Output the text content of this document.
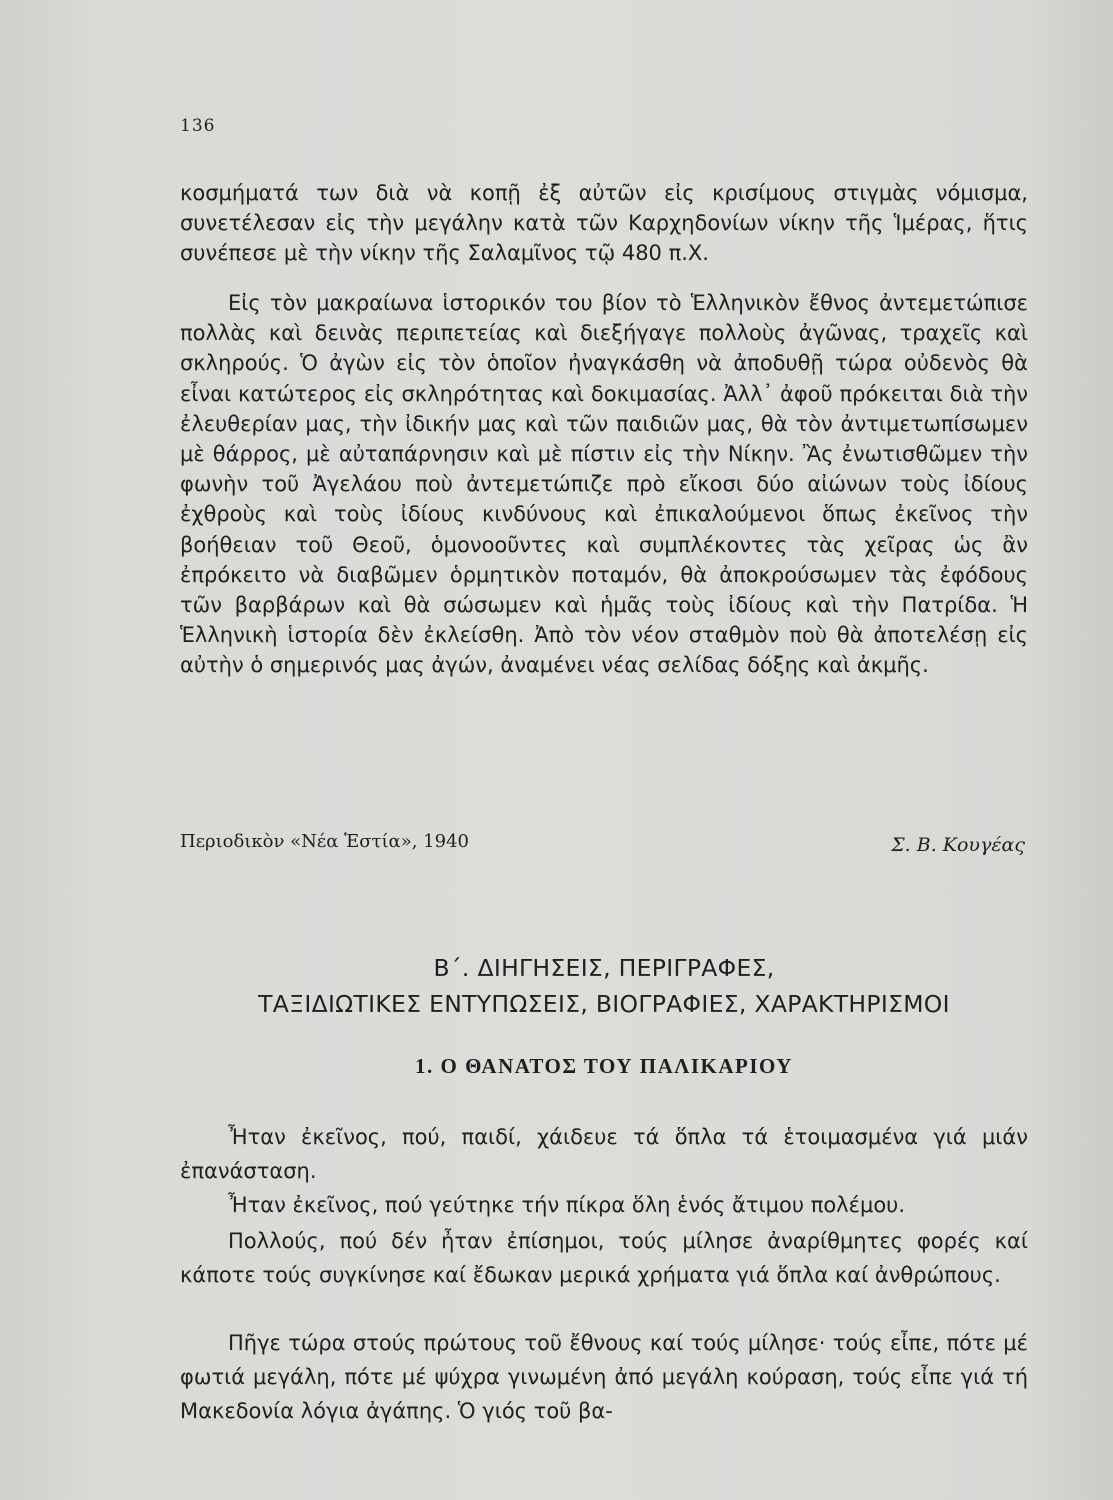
136

κοσμήματά των διὰ νὰ κοπῇ ἐξ αὐτῶν εἰς κρισίμους στιγμὰς νόμισμα, συνετέλεσαν εἰς τὴν μεγάλην κατὰ τῶν Καρχηδονίων νίκην τῆς Ἱμέρας, ἥτις συνέπεσε μὲ τὴν νίκην τῆς Σαλαμῖνος τῷ 480 π.Χ.

Εἰς τὸν μακραίωνα ἱστορικόν του βίον τὸ Ἑλληνικὸν ἔθνος ἀντεμετώπισε πολλὰς καὶ δεινὰς περιπετείας καὶ διεξήγαγε πολλοὺς ἀγῶνας, τραχεῖς καὶ σκληρούς. Ὁ ἀγὼν εἰς τὸν ὁποῖον ἠναγκάσθη νὰ ἀποδυθῇ τώρα οὐδενὸς θὰ εἶναι κατώτερος εἰς σκληρότητας καὶ δοκιμασίας. Ἀλλ᾽ ἀφοῦ πρόκειται διὰ τὴν ἐλευθερίαν μας, τὴν ἰδικήν μας καὶ τῶν παιδιῶν μας, θὰ τὸν ἀντιμετωπίσωμεν μὲ θάρρος, μὲ αὐταπάρνησιν καὶ μὲ πίστιν εἰς τὴν Νίκην. Ἂς ἐνωτισθῶμεν τὴν φωνὴν τοῦ Ἀγελάου ποὺ ἀντεμετώπιζε πρὸ εἴκοσι δύο αἰώνων τοὺς ἰδίους ἐχθροὺς καὶ τοὺς ἰδίους κινδύνους καὶ ἐπικαλούμενοι ὅπως ἐκεῖνος τὴν βοήθειαν τοῦ Θεοῦ, ὁμονοοῦντες καὶ συμπλέκοντες τὰς χεῖρας ὡς ἂν ἐπρόκειτο νὰ διαβῶμεν ὁρμητικὸν ποταμόν, θὰ ἀποκρούσωμεν τὰς ἐφόδους τῶν βαρβάρων καὶ θὰ σώσωμεν καὶ ἡμᾶς τοὺς ἰδίους καὶ τὴν Πατρίδα. Ἡ Ἑλληνικὴ ἱστορία δὲν ἐκλείσθη. Ἀπὸ τὸν νέον σταθμὸν ποὺ θὰ ἀποτελέσῃ εἰς αὐτὴν ὁ σημερινός μας ἀγών, ἀναμένει νέας σελίδας δόξης καὶ ἀκμῆς.

Περιοδικὸν «Νέα Ἑστία», 1940	Σ. Β. Κουγέας
Β΄. ΔΙΗΓΗΣΕΙΣ, ΠΕΡΙΓΡΑΦΕΣ,
ΤΑΞΙΔΙΩΤΙΚΕΣ ΕΝΤΥΠΩΣΕΙΣ, ΒΙΟΓΡΑΦΙΕΣ, ΧΑΡΑΚΤΗΡΙΣΜΟΙ
1. Ο ΘΑΝΑΤΟΣ ΤΟΥ ΠΑΛΙΚΑΡΙΟΥ

Ἦταν ἐκεῖνος, πού, παιδί, χάιδευε τά ὅπλα τά ἑτοιμασμένα γιά μιάν ἐπανάσταση.

Ἦταν ἐκεῖνος, πού γεύτηκε τήν πίκρα ὅλη ἑνός ἄτιμου πολέμου.

Πολλούς, πού δέν ἦταν ἐπίσημοι, τούς μίλησε ἀναρίθμητες φορές καί κάποτε τούς συγκίνησε καί ἔδωκαν μερικά χρήματα γιά ὅπλα καί ἀνθρώπους.

Πῆγε τώρα στούς πρώτους τοῦ ἔθνους καί τούς μίλησε· τούς εἶπε, πότε μέ φωτιά μεγάλη, πότε μέ ψύχρα γινωμένη ἀπό μεγάλη κούραση, τούς εἶπε γιά τή Μακεδονία λόγια ἀγάπης. Ὁ γιός τοῦ βα-
